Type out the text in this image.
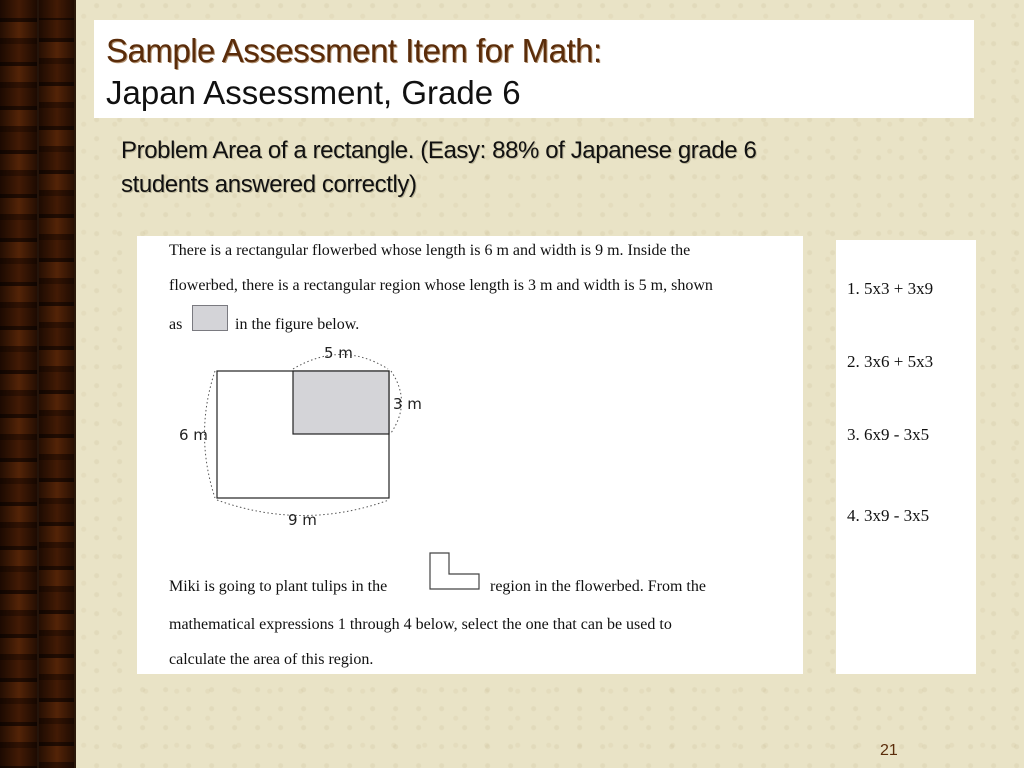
Sample Assessment Item for Math:
Japan Assessment, Grade 6
Problem Area of a rectangle. (Easy: 88% of Japanese grade 6
students answered correctly)
There is a rectangular flowerbed whose length is 6 m and width is 9 m. Inside the
flowerbed, there is a rectangular region whose length is 3 m and width is 5 m, shown
as	in the figure below.
5 m
3 m
6 m
9 m
Miki is going to plant tulips in the	region in the flowerbed. From the
mathematical expressions 1 through 4 below, select the one that can be used to
calculate the area of this region.
1. 5x3 + 3x9
2. 3x6 + 5x3
3. 6x9 - 3x5
4. 3x9 - 3x5
21
